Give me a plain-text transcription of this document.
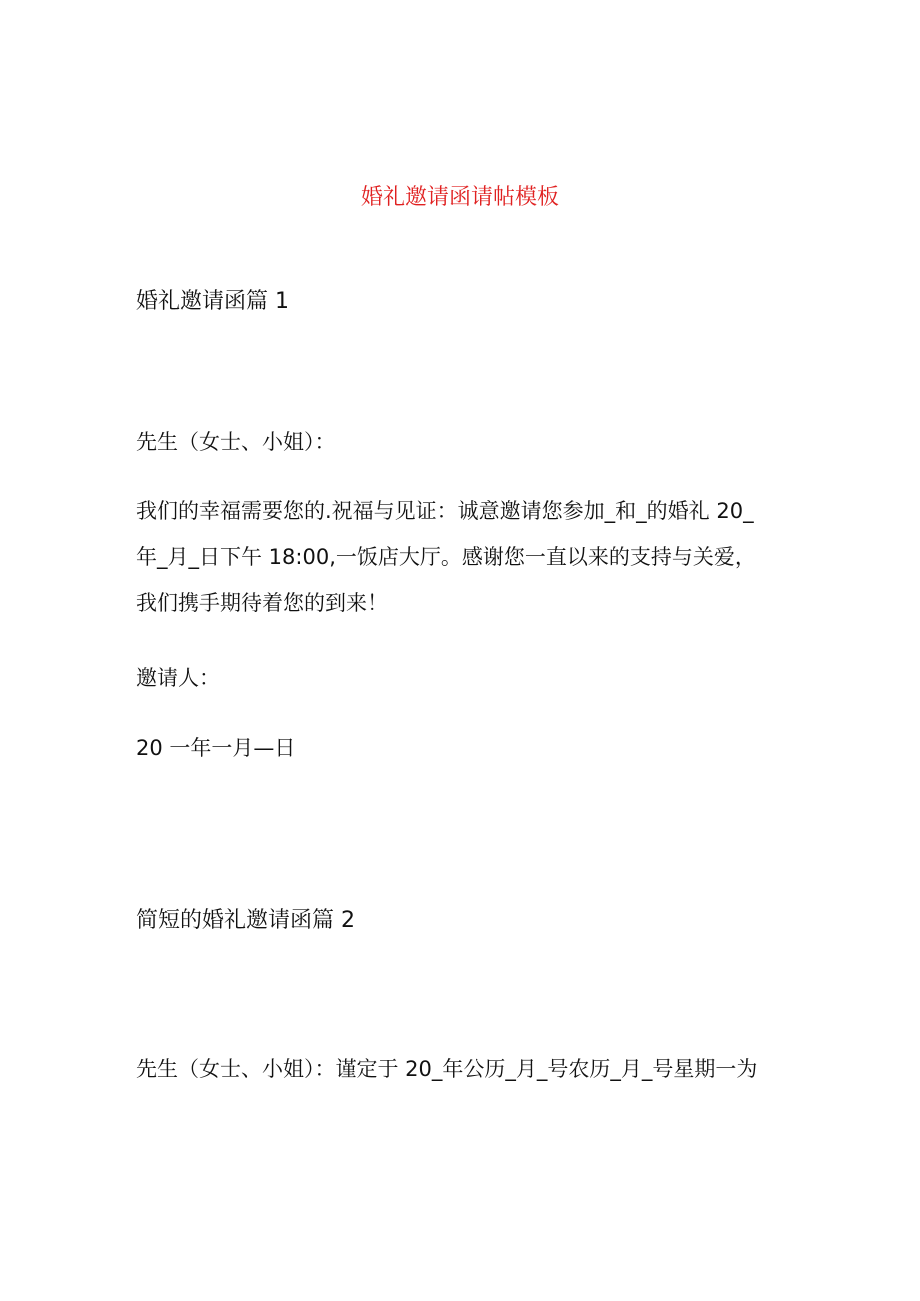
婚礼邀请函请帖模板
婚礼邀请函篇 1
先生（女士、小姐）：
我们的幸福需要您的.祝福与见证：诚意邀请您参加_和_的婚礼 20_
年_月_日下午 18:00,一饭店大厅。感谢您一直以来的支持与关爱，
我们携手期待着您的到来！
邀请人：
20 一年一月—日
简短的婚礼邀请函篇 2
先生（女士、小姐）：谨定于 20_年公历_月_号农历_月_号星期一为
